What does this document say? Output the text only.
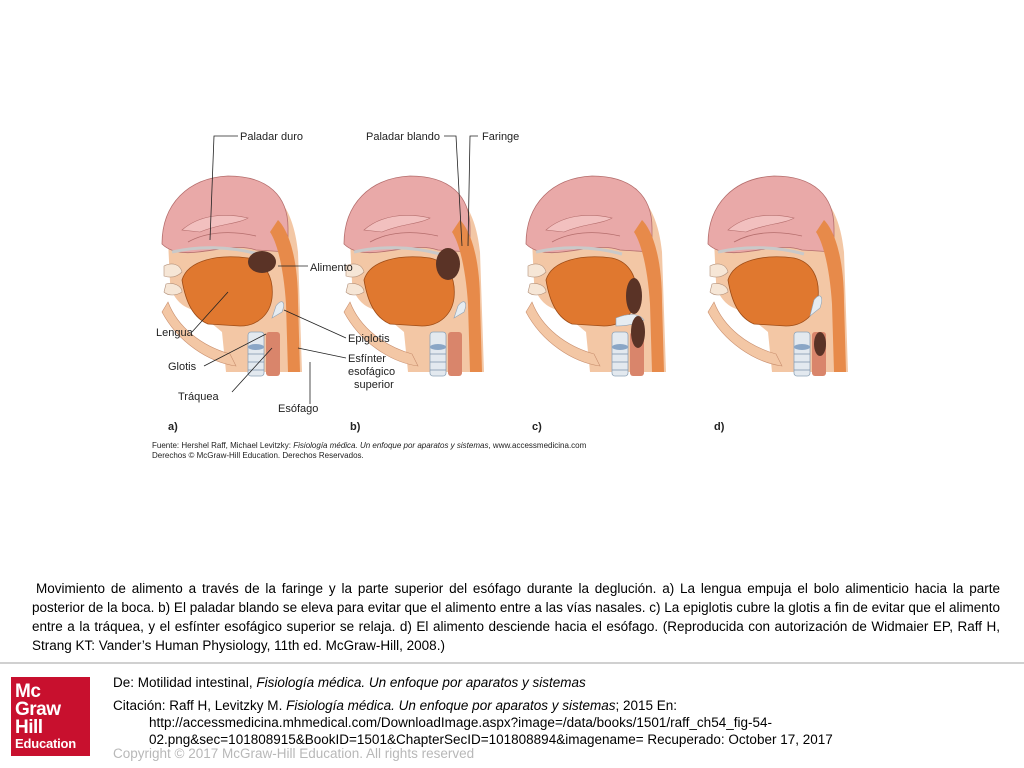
Paladar duro	Paladar blando	Faringe
Alimento
Lengua	Epiglotis
Glotis
Esfínter
esofágico
superior
Tráquea
Esófago
a)	b)	c)	d)
Fuente: Hershel Raff, Michael Levitzky: Fisiología médica. Un enfoque por aparatos y sistemas, www.accessmedicina.com
Derechos © McGraw-Hill Education. Derechos Reservados.
Movimiento de alimento a través de la faringe y la parte superior del esófago durante la deglución. a) La lengua empuja el bolo alimenticio hacia la parte posterior de la boca. b) El paladar blando se eleva para evitar que el alimento entre a las vías nasales. c) La epiglotis cubre la glotis a fin de evitar que el alimento entre a la tráquea, y el esfínter esofágico superior se relaja. d) El alimento desciende hacia el esófago. (Reproducida con autorización de Widmaier EP, Raff H, Strang KT: Vander’s Human Physiology, 11th ed. McGraw-Hill, 2008.)
Mc
Graw
Hill
Education
De: Motilidad intestinal, Fisiología médica. Un enfoque por aparatos y sistemas
Citación: Raff H, Levitzky M. Fisiología médica. Un enfoque por aparatos y sistemas; 2015 En:
http://accessmedicina.mhmedical.com/DownloadImage.aspx?image=/data/books/1501/raff_ch54_fig-54-
02.png&sec=101808915&BookID=1501&ChapterSecID=101808894&imagename= Recuperado: October 17, 2017
Copyright © 2017 McGraw-Hill Education. All rights reserved
